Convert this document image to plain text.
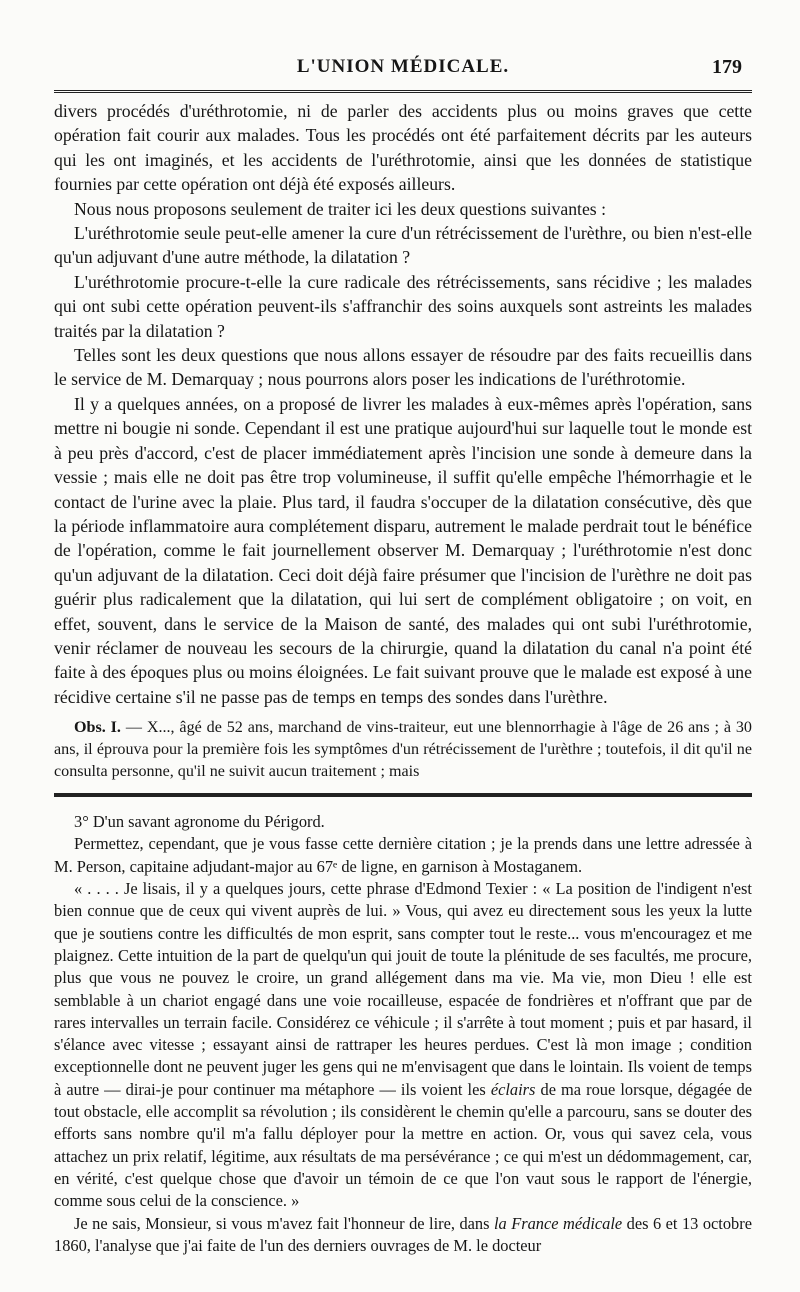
L'UNION MÉDICALE.	179

divers procédés d'uréthrotomie, ni de parler des accidents plus ou moins graves que cette opération fait courir aux malades. Tous les procédés ont été parfaitement décrits par les auteurs qui les ont imaginés, et les accidents de l'uréthrotomie, ainsi que les données de statistique fournies par cette opération ont déjà été exposés ailleurs.

Nous nous proposons seulement de traiter ici les deux questions suivantes :

L'uréthrotomie seule peut-elle amener la cure d'un rétrécissement de l'urèthre, ou bien n'est-elle qu'un adjuvant d'une autre méthode, la dilatation ?

L'uréthrotomie procure-t-elle la cure radicale des rétrécissements, sans récidive ; les malades qui ont subi cette opération peuvent-ils s'affranchir des soins auxquels sont astreints les malades traités par la dilatation ?

Telles sont les deux questions que nous allons essayer de résoudre par des faits recueillis dans le service de M. Demarquay ; nous pourrons alors poser les indications de l'uréthrotomie.

Il y a quelques années, on a proposé de livrer les malades à eux-mêmes après l'opération, sans mettre ni bougie ni sonde. Cependant il est une pratique aujourd'hui sur laquelle tout le monde est à peu près d'accord, c'est de placer immédiatement après l'incision une sonde à demeure dans la vessie ; mais elle ne doit pas être trop volumineuse, il suffit qu'elle empêche l'hémorrhagie et le contact de l'urine avec la plaie. Plus tard, il faudra s'occuper de la dilatation consécutive, dès que la période inflammatoire aura complétement disparu, autrement le malade perdrait tout le bénéfice de l'opération, comme le fait journellement observer M. Demarquay ; l'uréthrotomie n'est donc qu'un adjuvant de la dilatation. Ceci doit déjà faire présumer que l'incision de l'urèthre ne doit pas guérir plus radicalement que la dilatation, qui lui sert de complément obligatoire ; on voit, en effet, souvent, dans le service de la Maison de santé, des malades qui ont subi l'uréthrotomie, venir réclamer de nouveau les secours de la chirurgie, quand la dilatation du canal n'a point été faite à des époques plus ou moins éloignées. Le fait suivant prouve que le malade est exposé à une récidive certaine s'il ne passe pas de temps en temps des sondes dans l'urèthre.

Obs. I. — X..., âgé de 52 ans, marchand de vins-traiteur, eut une blennorrhagie à l'âge de 26 ans ; à 30 ans, il éprouva pour la première fois les symptômes d'un rétrécissement de l'urèthre ; toutefois, il dit qu'il ne consulta personne, qu'il ne suivit aucun traitement ; mais

3° D'un savant agronome du Périgord.

Permettez, cependant, que je vous fasse cette dernière citation ; je la prends dans une lettre adressée à M. Person, capitaine adjudant-major au 67ᵉ de ligne, en garnison à Mostaganem.

« . . . . Je lisais, il y a quelques jours, cette phrase d'Edmond Texier : « La position de l'indigent n'est bien connue que de ceux qui vivent auprès de lui. » Vous, qui avez eu directement sous les yeux la lutte que je soutiens contre les difficultés de mon esprit, sans compter tout le reste... vous m'encouragez et me plaignez. Cette intuition de la part de quelqu'un qui jouit de toute la plénitude de ses facultés, me procure, plus que vous ne pouvez le croire, un grand allégement dans ma vie. Ma vie, mon Dieu ! elle est semblable à un chariot engagé dans une voie rocailleuse, espacée de fondrières et n'offrant que par de rares intervalles un terrain facile. Considérez ce véhicule ; il s'arrête à tout moment ; puis et par hasard, il s'élance avec vitesse ; essayant ainsi de rattraper les heures perdues. C'est là mon image ; condition exceptionnelle dont ne peuvent juger les gens qui ne m'envisagent que dans le lointain. Ils voient de temps à autre — dirai-je pour continuer ma métaphore — ils voient les éclairs de ma roue lorsque, dégagée de tout obstacle, elle accomplit sa révolution ; ils considèrent le chemin qu'elle a parcouru, sans se douter des efforts sans nombre qu'il m'a fallu déployer pour la mettre en action. Or, vous qui savez cela, vous attachez un prix relatif, légitime, aux résultats de ma persévérance ; ce qui m'est un dédommagement, car, en vérité, c'est quelque chose que d'avoir un témoin de ce que l'on vaut sous le rapport de l'énergie, comme sous celui de la conscience. »

Je ne sais, Monsieur, si vous m'avez fait l'honneur de lire, dans la France médicale des 6 et 13 octobre 1860, l'analyse que j'ai faite de l'un des derniers ouvrages de M. le docteur
